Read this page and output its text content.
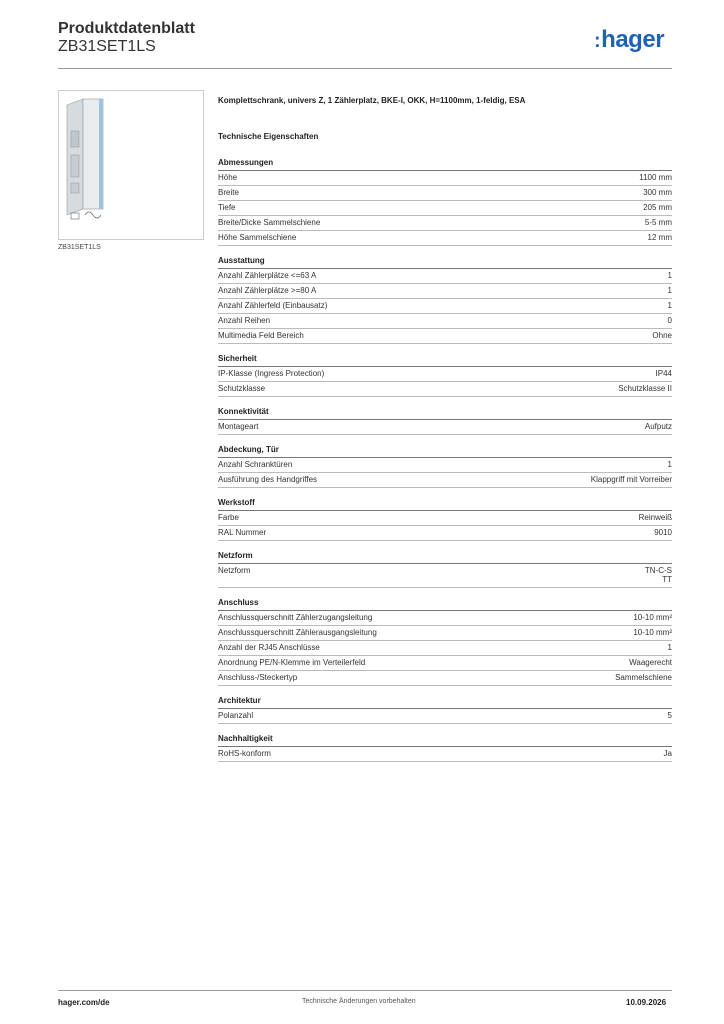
Produktdatenblatt
ZB31SET1LS	:hager
ZB31SET1LS
Komplettschrank, univers Z, 1 Zählerplatz, BKE-I, OKK, H=1100mm, 1-feldig, ESA
Technische Eigenschaften
Abmessungen
Höhe	1100 mm
Breite	300 mm
Tiefe	205 mm
Breite/Dicke Sammelschiene	5-5 mm
Höhe Sammelschiene	12 mm
Ausstattung
Anzahl Zählerplätze <=63 A	1
Anzahl Zählerplätze >=80 A	1
Anzahl Zählerfeld (Einbausatz)	1
Anzahl Reihen	0
Multimedia Feld Bereich	Ohne
Sicherheit
IP-Klasse (Ingress Protection)	IP44
Schutzklasse	Schutzklasse II
Konnektivität
Montageart	Aufputz
Abdeckung, Tür
Anzahl Schranktüren	1
Ausführung des Handgriffes	Klappgriff mit Vorreiber
Werkstoff
Farbe	Reinweiß
RAL Nummer	9010
Netzform
Netzform	TN-C-S
TT
Anschluss
Anschlussquerschnitt Zählerzugangsleitung	10-10 mm²
Anschlussquerschnitt Zählerausgangsleitung	10-10 mm²
Anzahl der RJ45 Anschlüsse	1
Anordnung PE/N-Klemme im Verteilerfeld	Waagerecht
Anschluss-/Steckertyp	Sammelschiene
Architektur
Polanzahl	5
Nachhaltigkeit
RoHS-konform	Ja
hager.com/de	Technische Änderungen vorbehalten	10.09.2026
